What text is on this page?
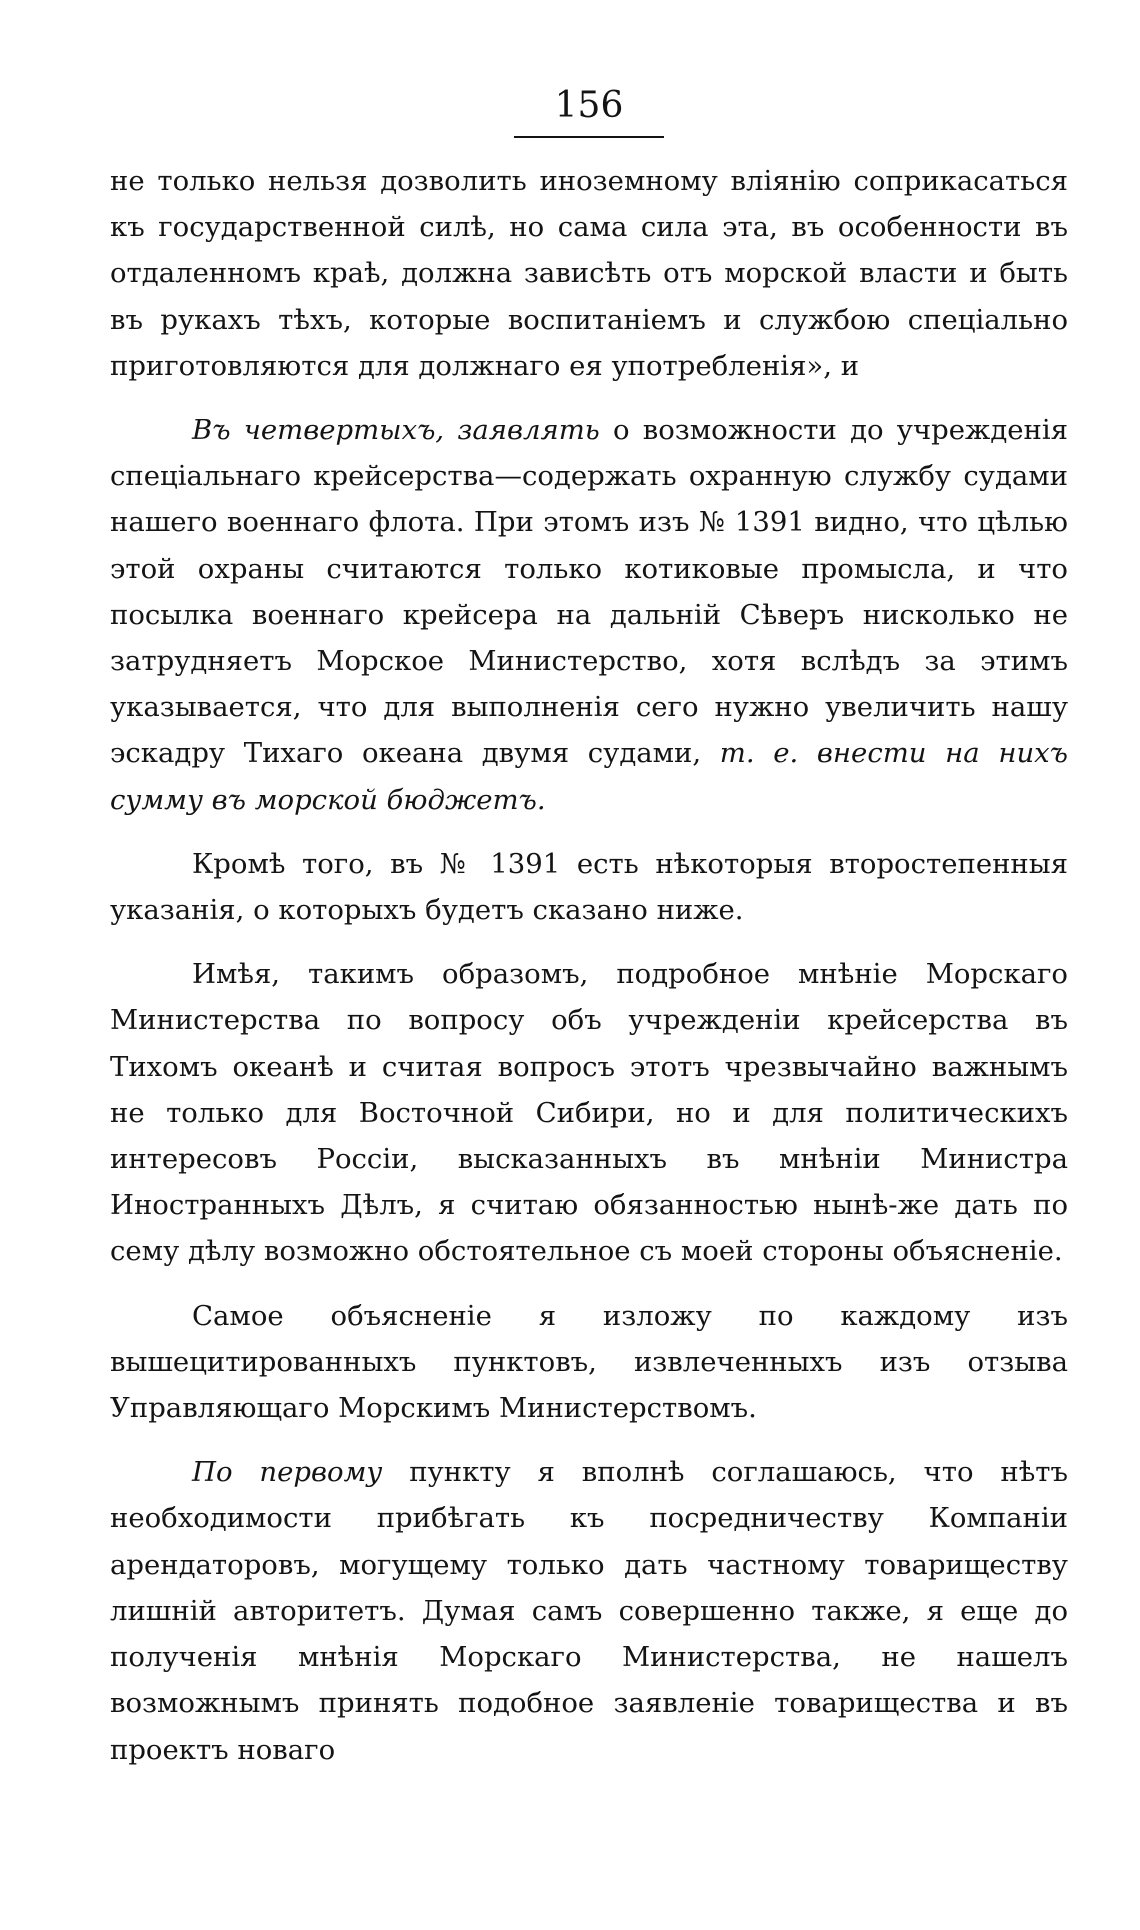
156

не только нельзя дозволить иноземному влiянiю соприкасаться къ государственной силѣ, но сама сила эта, въ особенности въ отдаленномъ краѣ, должна зависѣть отъ морской власти и быть въ рукахъ тѣхъ, которые воспитанiемъ и службою спецiально приготовляются для должнаго ея употребленiя», и

Въ четвертыхъ, заявлять о возможности до учрежденiя спецiальнаго крейсерства—содержать охранную службу судами нашего военнаго флота. При этомъ изъ № 1391 видно, что цѣлью этой охраны считаются только котиковые промысла, и что посылка военнаго крейсера на дальнiй Сѣверъ нисколько не затрудняетъ Морское Министерство, хотя вслѣдъ за этимъ указывается, что для выполненiя сего нужно увеличить нашу эскадру Тихаго океана двумя судами, т. е. внести на нихъ сумму въ морской бюджетъ.

Кромѣ того, въ № 1391 есть нѣкоторыя второстепенныя указанiя, о которыхъ будетъ сказано ниже.

Имѣя, такимъ образомъ, подробное мнѣнiе Морскаго Министерства по вопросу объ учрежденiи крейсерства въ Тихомъ океанѣ и считая вопросъ этотъ чрезвычайно важнымъ не только для Восточной Сибири, но и для политическихъ интересовъ Россiи, высказанныхъ въ мнѣнiи Министра Иностранныхъ Дѣлъ, я считаю обязанностью нынѣ-же дать по сему дѣлу возможно обстоятельное съ моей стороны объясненiе.

Самое объясненiе я изложу по каждому изъ вышецитированныхъ пунктовъ, извлеченныхъ изъ отзыва Управляющаго Морскимъ Министерствомъ.

По первому пункту я вполнѣ соглашаюсь, что нѣтъ необходимости прибѣгать къ посредничеству Компанiи арендаторовъ, могущему только дать частному товариществу лишнiй авторитетъ. Думая самъ совершенно также, я еще до полученiя мнѣнiя Морскаго Министерства, не нашелъ возможнымъ принять подобное заявленiе товарищества и въ проектъ новаго
